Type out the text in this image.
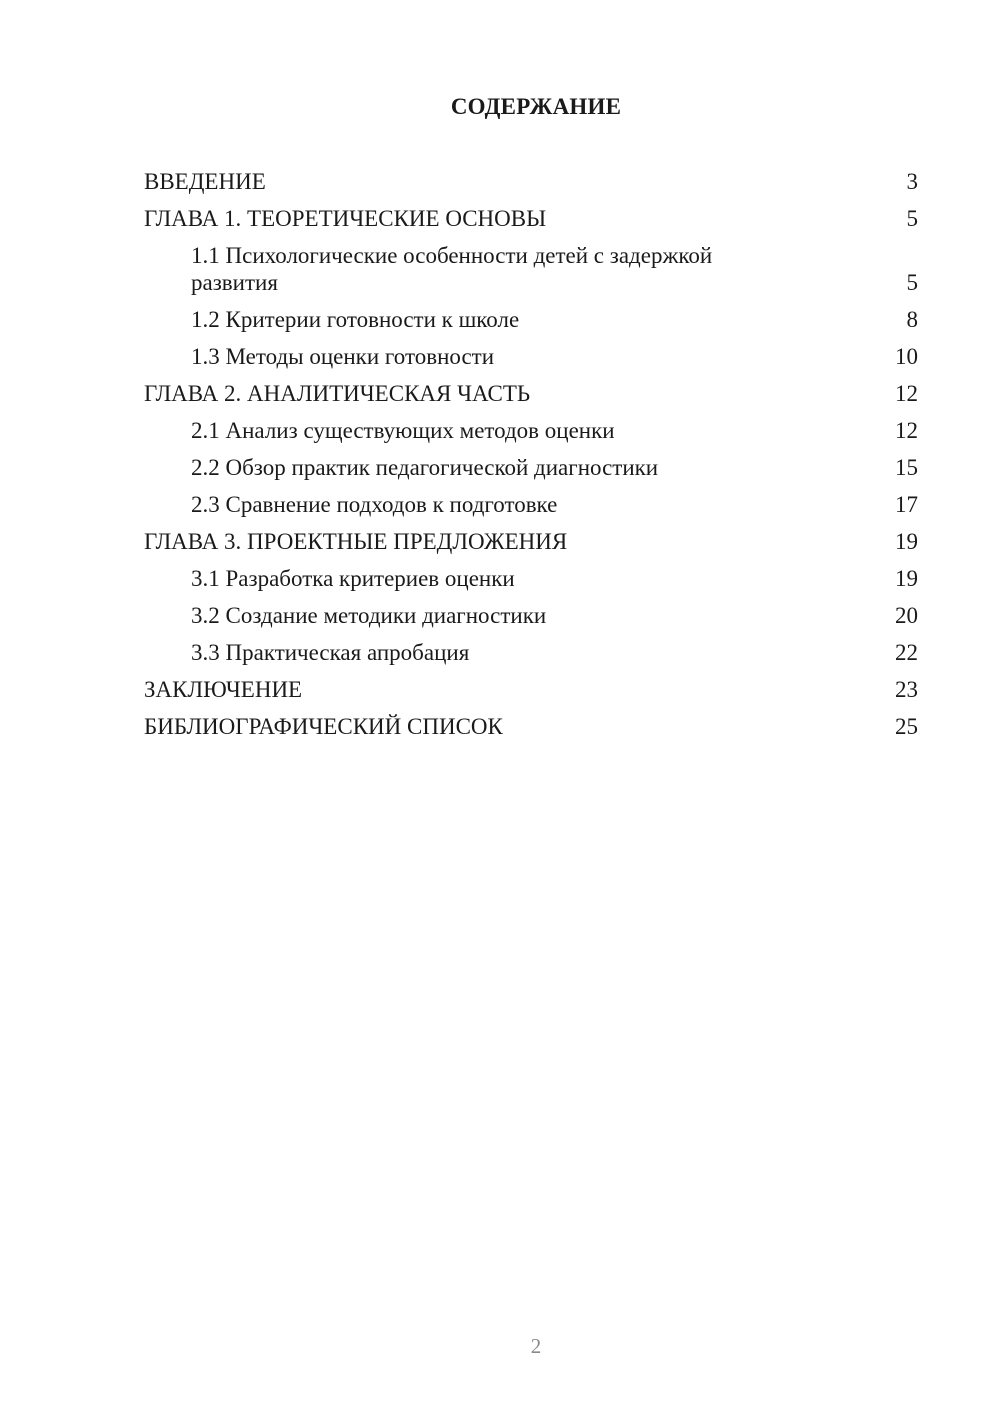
СОДЕРЖАНИЕ
ВВЕДЕНИЕ	3
ГЛАВА 1. ТЕОРЕТИЧЕСКИЕ ОСНОВЫ	5
1.1 Психологические особенности детей с задержкой развития	5
1.2 Критерии готовности к школе	8
1.3 Методы оценки готовности	10
ГЛАВА 2. АНАЛИТИЧЕСКАЯ ЧАСТЬ	12
2.1 Анализ существующих методов оценки	12
2.2 Обзор практик педагогической диагностики	15
2.3 Сравнение подходов к подготовке	17
ГЛАВА 3. ПРОЕКТНЫЕ ПРЕДЛОЖЕНИЯ	19
3.1 Разработка критериев оценки	19
3.2 Создание методики диагностики	20
3.3 Практическая апробация	22
ЗАКЛЮЧЕНИЕ	23
БИБЛИОГРАФИЧЕСКИЙ СПИСОК	25
2
